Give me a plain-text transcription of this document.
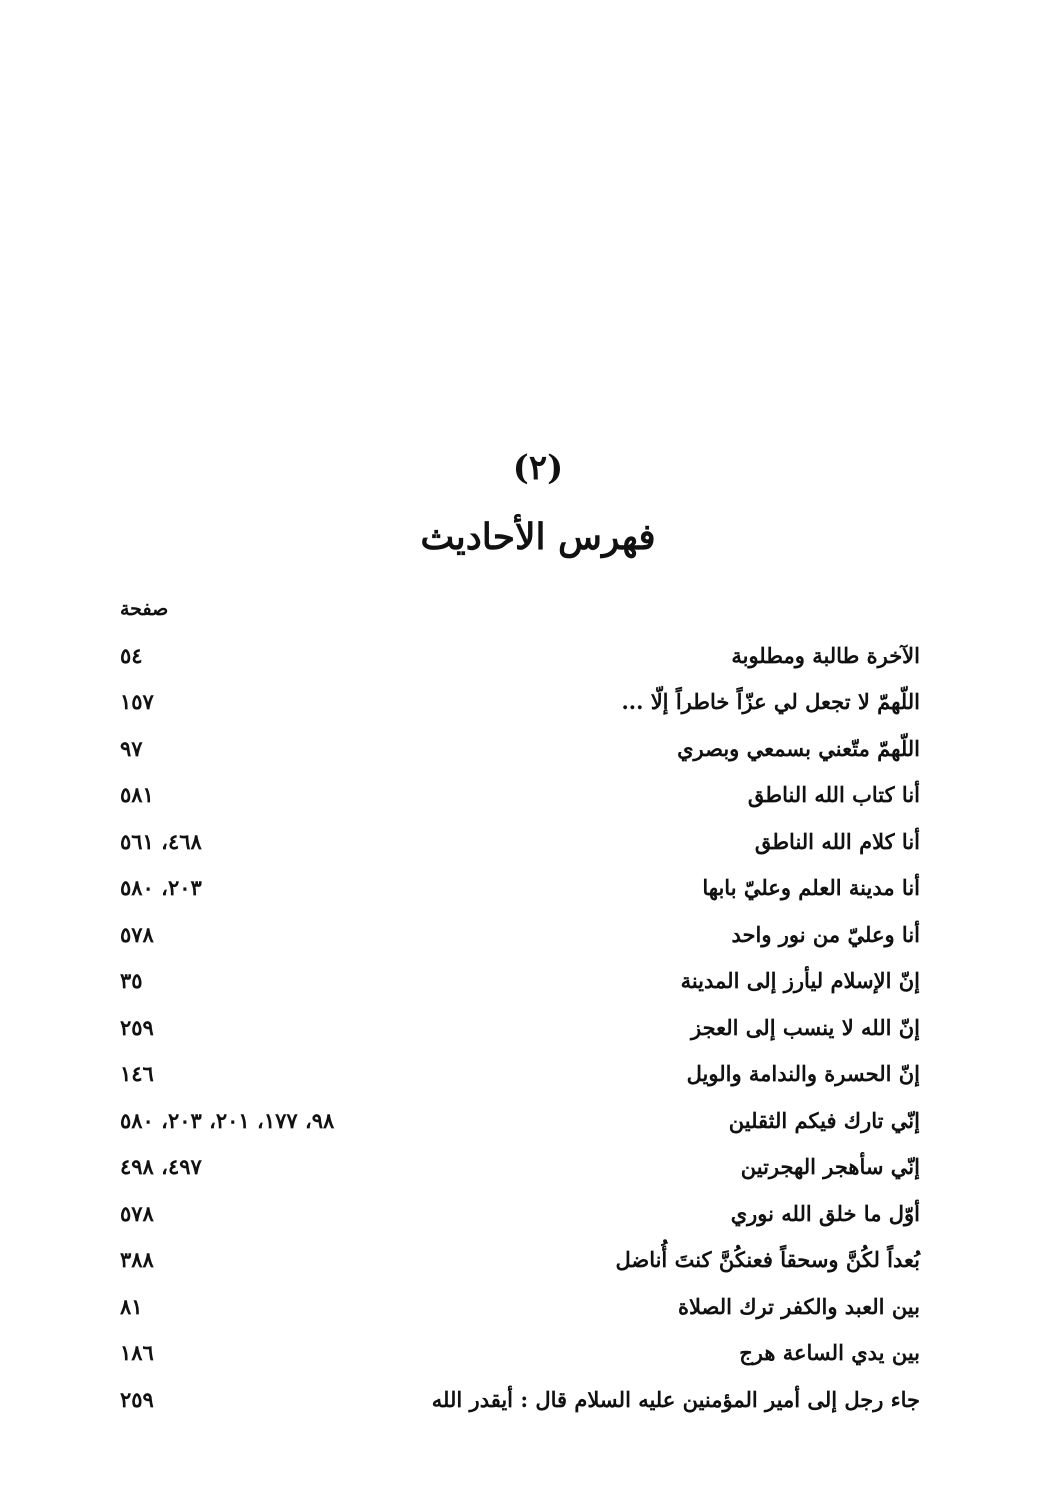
(٢)
فهرس الأحاديث
صفحة
الآخرة طالبة ومطلوبة
٥٤
اللّهمّ لا تجعل لي عزّاً خاطراً إلّا ...
١٥٧
اللّهمّ متّعني بسمعي وبصري
٩٧
أنا كتاب الله الناطق
٥٨١
أنا كلام الله الناطق
٤٦٨، ٥٦١
أنا مدينة العلم وعليّ بابها
٢٠٣، ٥٨٠
أنا وعليّ من نور واحد
٥٧٨
إنّ الإسلام ليأرز إلى المدينة
٣٥
إنّ الله لا ينسب إلى العجز
٢٥٩
إنّ الحسرة والندامة والويل
١٤٦
إنّي تارك فيكم الثقلين
٩٨، ١٧٧، ٢٠١، ٢٠٣، ٥٨٠
إنّي سأهجر الهجرتين
٤٩٧، ٤٩٨
أوّل ما خلق الله نوري
٥٧٨
بُعداً لكُنَّ وسحقاً فعنكُنَّ كنتَ أُناضل
٣٨٨
بين العبد والكفر ترك الصلاة
٨١
بين يدي الساعة هرج
١٨٦
جاء رجل إلى أمير المؤمنين عليه السلام قال : أيقدر الله
٢٥٩
